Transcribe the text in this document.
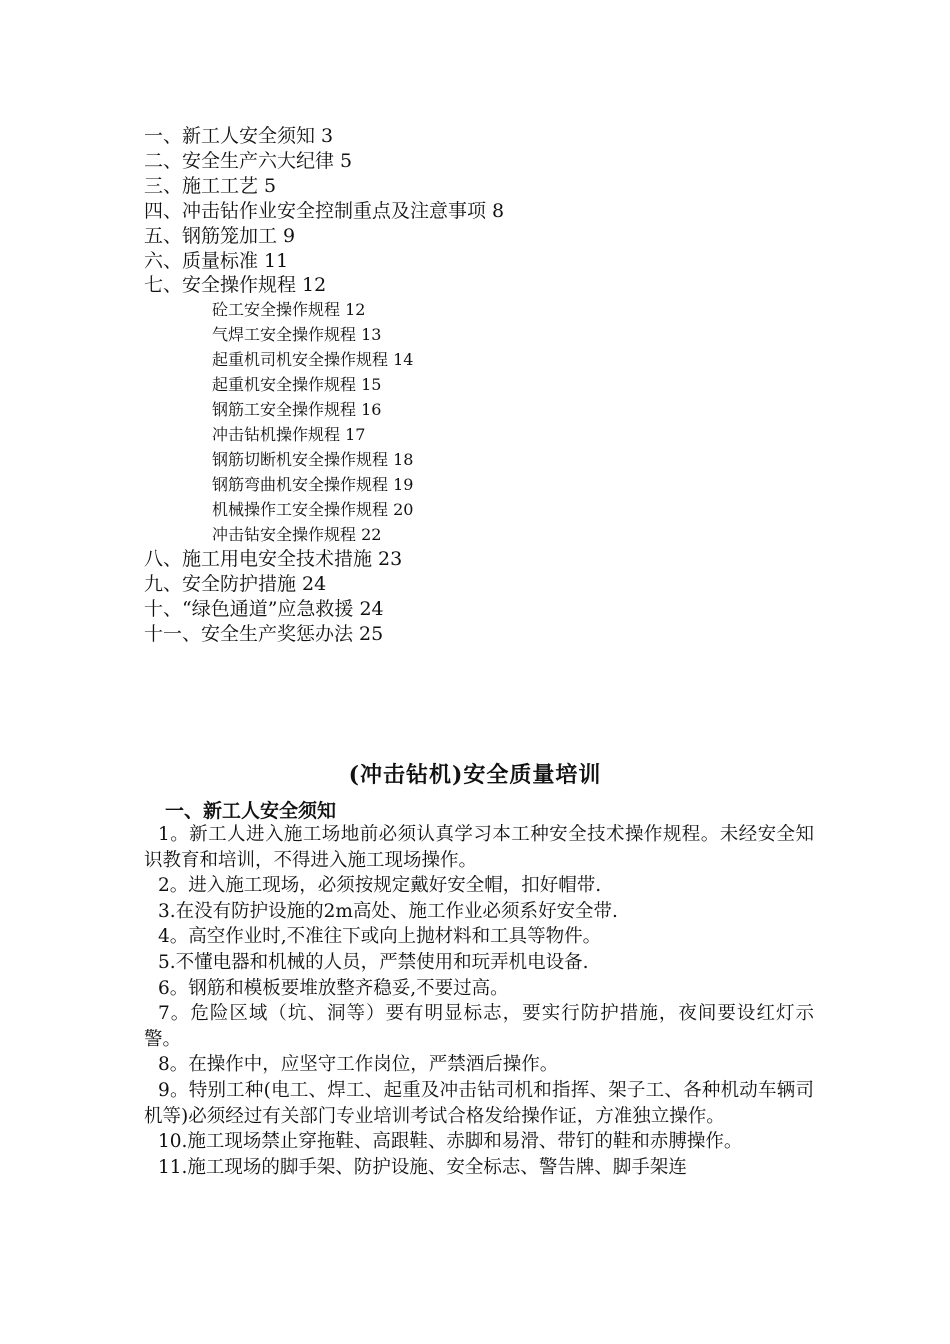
一、新工人安全须知 3
二、安全生产六大纪律 5
三、施工工艺 5
四、冲击钻作业安全控制重点及注意事项 8
五、钢筋笼加工 9
六、质量标准 11
七、安全操作规程 12
砼工安全操作规程 12
气焊工安全操作规程 13
起重机司机安全操作规程 14
起重机安全操作规程 15
钢筋工安全操作规程 16
冲击钻机操作规程 17
钢筋切断机安全操作规程 18
钢筋弯曲机安全操作规程 19
机械操作工安全操作规程 20
冲击钻安全操作规程 22
八、施工用电安全技术措施 23
九、安全防护措施 24
十、“绿色通道”应急救援 24
十一、安全生产奖惩办法 25
(冲击钻机)安全质量培训
一、新工人安全须知

1。新工人进入施工场地前必须认真学习本工种安全技术操作规程。未经安全知识教育和培训，不得进入施工现场操作。

2。进入施工现场，必须按规定戴好安全帽，扣好帽带.

3.在没有防护设施的2m高处、施工作业必须系好安全带.

4。高空作业时,不准往下或向上抛材料和工具等物件。

5.不懂电器和机械的人员，严禁使用和玩弄机电设备.

6。钢筋和模板要堆放整齐稳妥,不要过高。

7。危险区域（坑、洞等）要有明显标志，要实行防护措施，夜间要设红灯示警。

8。在操作中，应坚守工作岗位，严禁酒后操作。

9。特别工种(电工、焊工、起重及冲击钻司机和指挥、架子工、各种机动车辆司机等)必须经过有关部门专业培训考试合格发给操作证，方准独立操作。

10.施工现场禁止穿拖鞋、高跟鞋、赤脚和易滑、带钉的鞋和赤膊操作。

11.施工现场的脚手架、防护设施、安全标志、警告牌、脚手架连
